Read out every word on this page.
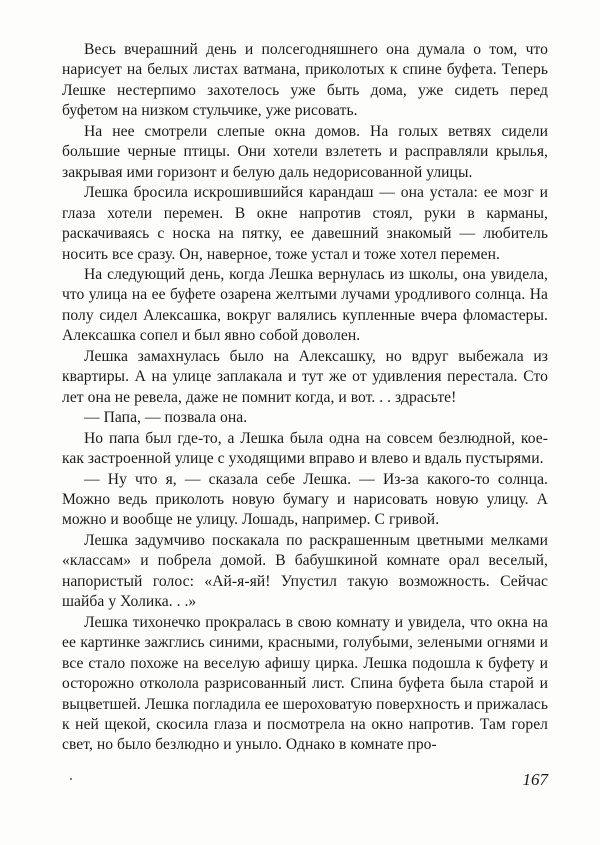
Весь вчерашний день и полсегодняшнего она думала о том, что нарисует на белых листах ватмана, приколотых к спине буфета. Теперь Лешке нестерпимо захотелось уже быть дома, уже сидеть перед буфетом на низком стульчике, уже рисовать.

На нее смотрели слепые окна домов. На голых ветвях сидели большие черные птицы. Они хотели взлететь и расправляли крылья, закрывая ими горизонт и белую даль недорисованной улицы.

Лешка бросила искрошившийся карандаш — она устала: ее мозг и глаза хотели перемен. В окне напротив стоял, руки в карманы, раскачиваясь с носка на пятку, ее давешний знакомый — любитель носить все сразу. Он, наверное, тоже устал и тоже хотел перемен.

На следующий день, когда Лешка вернулась из школы, она увидела, что улица на ее буфете озарена желтыми лучами уродливого солнца. На полу сидел Алексашка, вокруг валялись купленные вчера фломастеры. Алексашка сопел и был явно собой доволен.

Лешка замахнулась было на Алексашку, но вдруг выбежала из квартиры. А на улице заплакала и тут же от удивления перестала. Сто лет она не ревела, даже не помнит когда, и вот. . . здрасьте!

— Папа, — позвала она.

Но папа был где-то, а Лешка была одна на совсем безлюдной, кое-как застроенной улице с уходящими вправо и влево и вдаль пустырями.

— Ну что я, — сказала себе Лешка. — Из-за какого-то солнца. Можно ведь приколоть новую бумагу и нарисовать новую улицу. А можно и вообще не улицу. Лошадь, например. С гривой.

Лешка задумчиво поскакала по раскрашенным цветными мелками «классам» и побрела домой. В бабушкиной комнате орал веселый, напористый голос: «Ай-я-яй! Упустил такую возможность. Сейчас шайба у Холика. . .»

Лешка тихонечко прокралась в свою комнату и увидела, что окна на ее картинке зажглись синими, красными, голубыми, зелеными огнями и все стало похоже на веселую афишу цирка. Лешка подошла к буфету и осторожно отколола разрисованный лист. Спина буфета была старой и выцветшей. Лешка погладила ее шероховатую поверхность и прижалась к ней щекой, скосила глаза и посмотрела на окно напротив. Там горел свет, но было безлюдно и уныло. Однако в комнате про-

167
